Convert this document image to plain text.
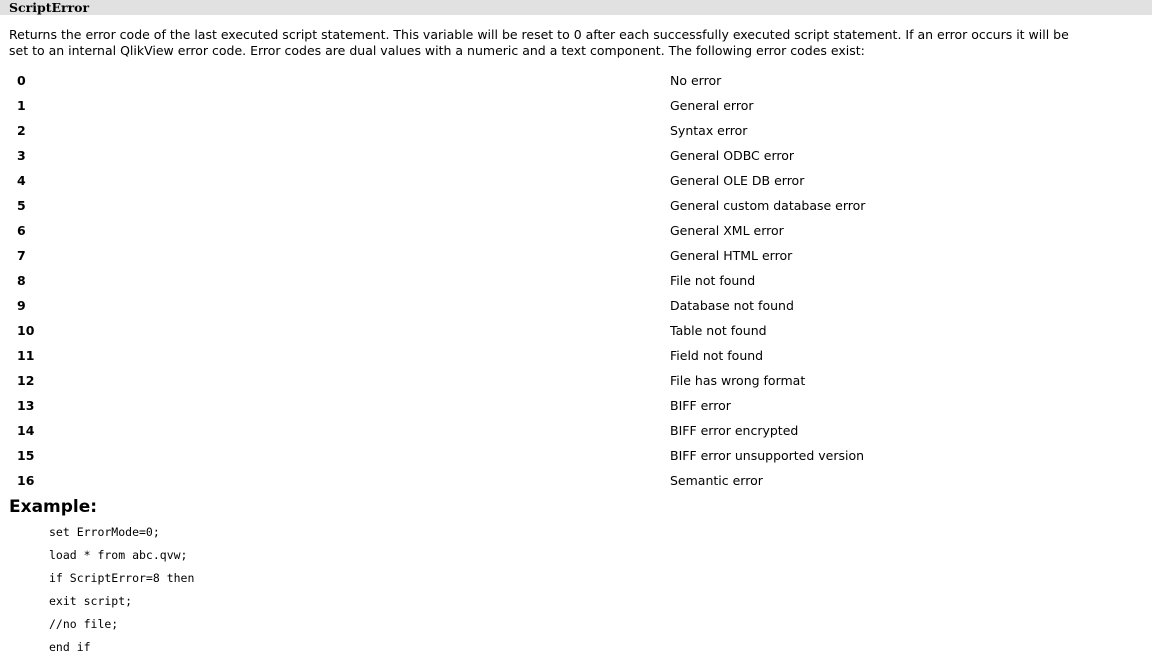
ScriptError

Returns the error code of the last executed script statement. This variable will be reset to 0 after each successfully executed script statement. If an error occurs it will be
set to an internal QlikView error code. Error codes are dual values with a numeric and a text component. The following error codes exist:

0	No error
1	General error
2	Syntax error
3	General ODBC error
4	General OLE DB error
5	General custom database error
6	General XML error
7	General HTML error
8	File not found
9	Database not found
10	Table not found
11	Field not found
12	File has wrong format
13	BIFF error
14	BIFF error encrypted
15	BIFF error unsupported version
16	Semantic error
Example:
set ErrorMode=0;
load * from abc.qvw;
if ScriptError=8 then
exit script;
//no file;
end if
